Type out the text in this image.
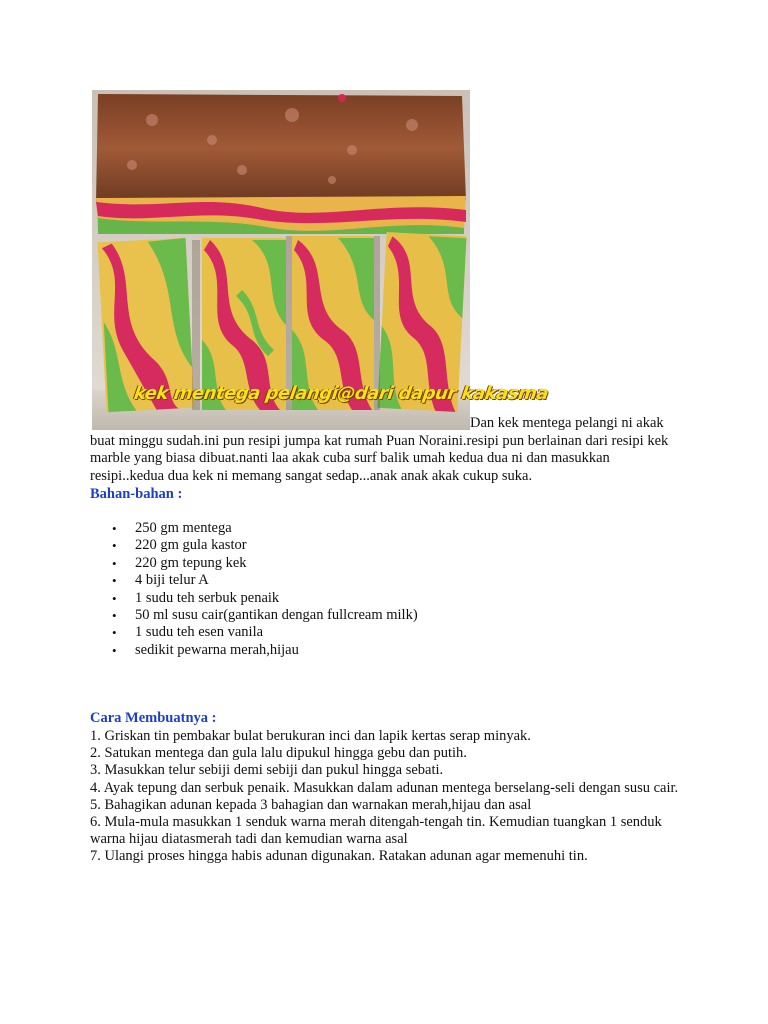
kek mentega pelangi@dari dapur kakasma

Dan kek mentega pelangi ni akak buat minggu sudah.ini pun resipi jumpa kat rumah Puan Noraini.resipi pun berlainan dari resipi kek marble yang biasa dibuat.nanti laa akak cuba surf balik umah kedua dua ni dan masukkan resipi..kedua dua kek ni memang sangat sedap...anak anak akak cukup suka.

Bahan-bahan :

• 250 gm mentega
• 220 gm gula kastor
• 220 gm tepung kek
• 4 biji telur A
• 1 sudu teh serbuk penaik
• 50 ml susu cair(gantikan dengan fullcream milk)
• 1 sudu teh esen vanila
• sedikit pewarna merah,hijau

Cara Membuatnya :

1. Griskan tin pembakar bulat berukuran inci dan lapik kertas serap minyak.
2. Satukan mentega dan gula lalu dipukul hingga gebu dan putih.
3. Masukkan telur sebiji demi sebiji dan pukul hingga sebati.
4. Ayak tepung dan serbuk penaik. Masukkan dalam adunan mentega berselang-seli dengan susu cair.
5. Bahagikan adunan kepada 3 bahagian dan warnakan merah,hijau dan asal
6. Mula-mula masukkan 1 senduk warna merah ditengah-tengah tin. Kemudian tuangkan 1 senduk warna hijau diatasmerah tadi dan kemudian warna asal
7. Ulangi proses hingga habis adunan digunakan. Ratakan adunan agar memenuhi tin.
